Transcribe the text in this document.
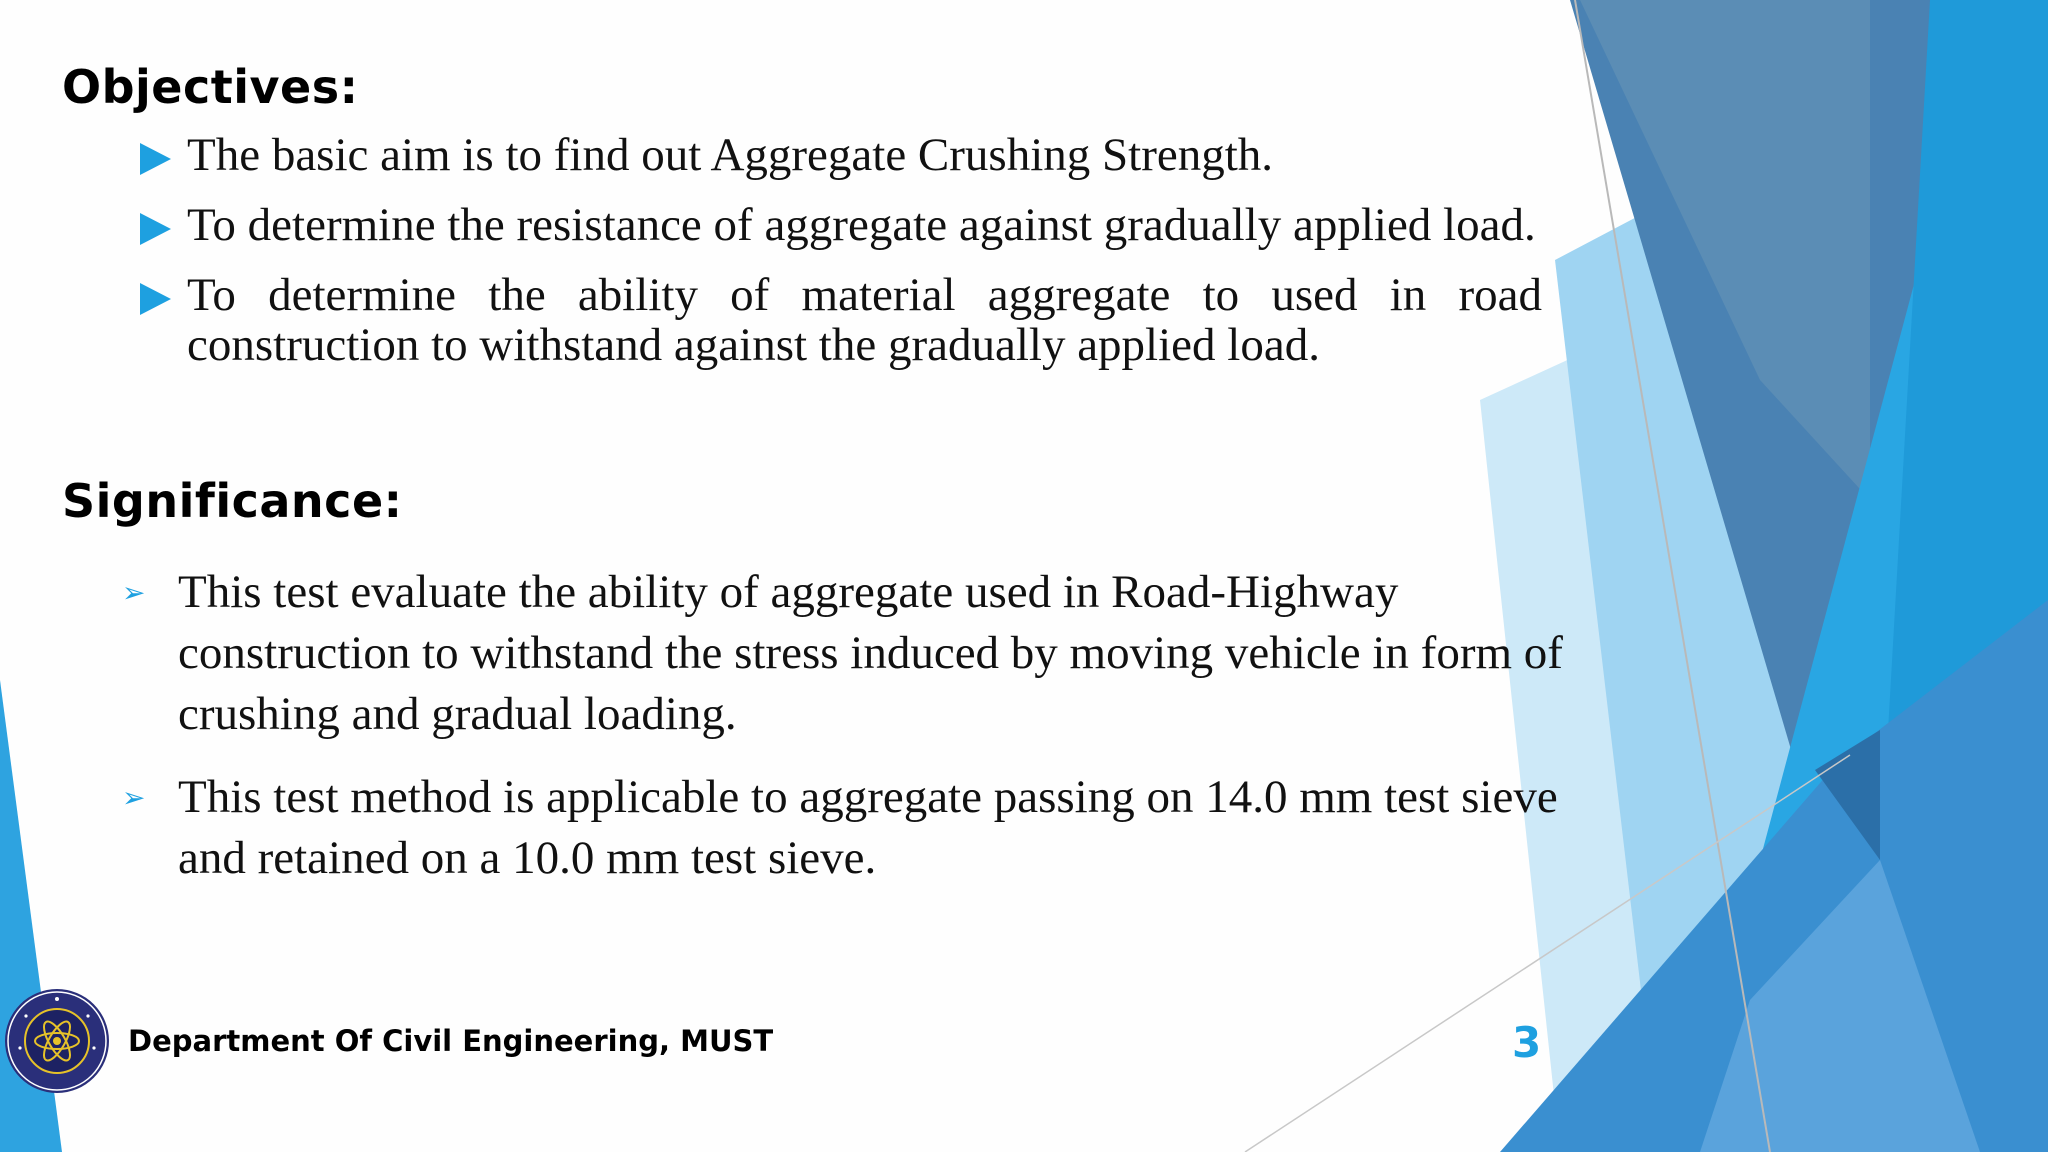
Objectives:
The basic aim is to find out Aggregate Crushing Strength.
To determine the resistance of aggregate against gradually applied load.
To determine the ability of material aggregate to used in road construction to withstand against the gradually applied load.
Significance:
➢ This test evaluate the ability of aggregate used in Road-Highway construction to withstand the stress induced by moving vehicle in form of crushing and gradual loading.
➢ This test method is applicable to aggregate passing on 14.0 mm test sieve and retained on a 10.0 mm test sieve.
Department Of Civil Engineering, MUST	3
